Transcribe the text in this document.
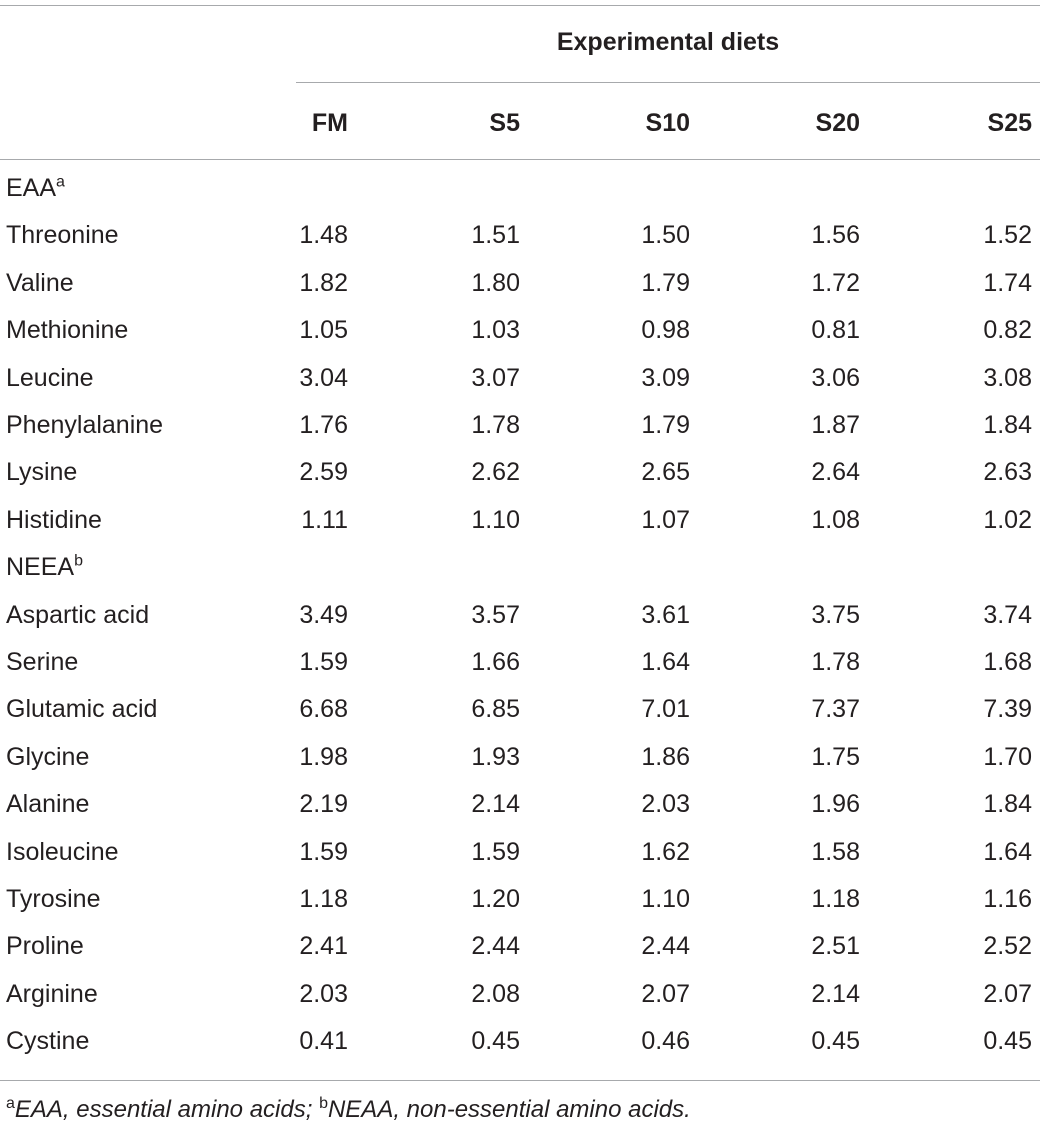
Experimental diets
FM	S5	S10	S20	S25
EAA$^a$
Threonine	1.48	1.51	1.50	1.56	1.52
Valine	1.82	1.80	1.79	1.72	1.74
Methionine	1.05	1.03	0.98	0.81	0.82
Leucine	3.04	3.07	3.09	3.06	3.08
Phenylalanine	1.76	1.78	1.79	1.87	1.84
Lysine	2.59	2.62	2.65	2.64	2.63
Histidine	1.11	1.10	1.07	1.08	1.02
NEEA$^b$
Aspartic acid	3.49	3.57	3.61	3.75	3.74
Serine	1.59	1.66	1.64	1.78	1.68
Glutamic acid	6.68	6.85	7.01	7.37	7.39
Glycine	1.98	1.93	1.86	1.75	1.70
Alanine	2.19	2.14	2.03	1.96	1.84
Isoleucine	1.59	1.59	1.62	1.58	1.64
Tyrosine	1.18	1.20	1.10	1.18	1.16
Proline	2.41	2.44	2.44	2.51	2.52
Arginine	2.03	2.08	2.07	2.14	2.07
Cystine	0.41	0.45	0.46	0.45	0.45
$^a$EAA, essential amino acids; $^b$NEAA, non-essential amino acids.
